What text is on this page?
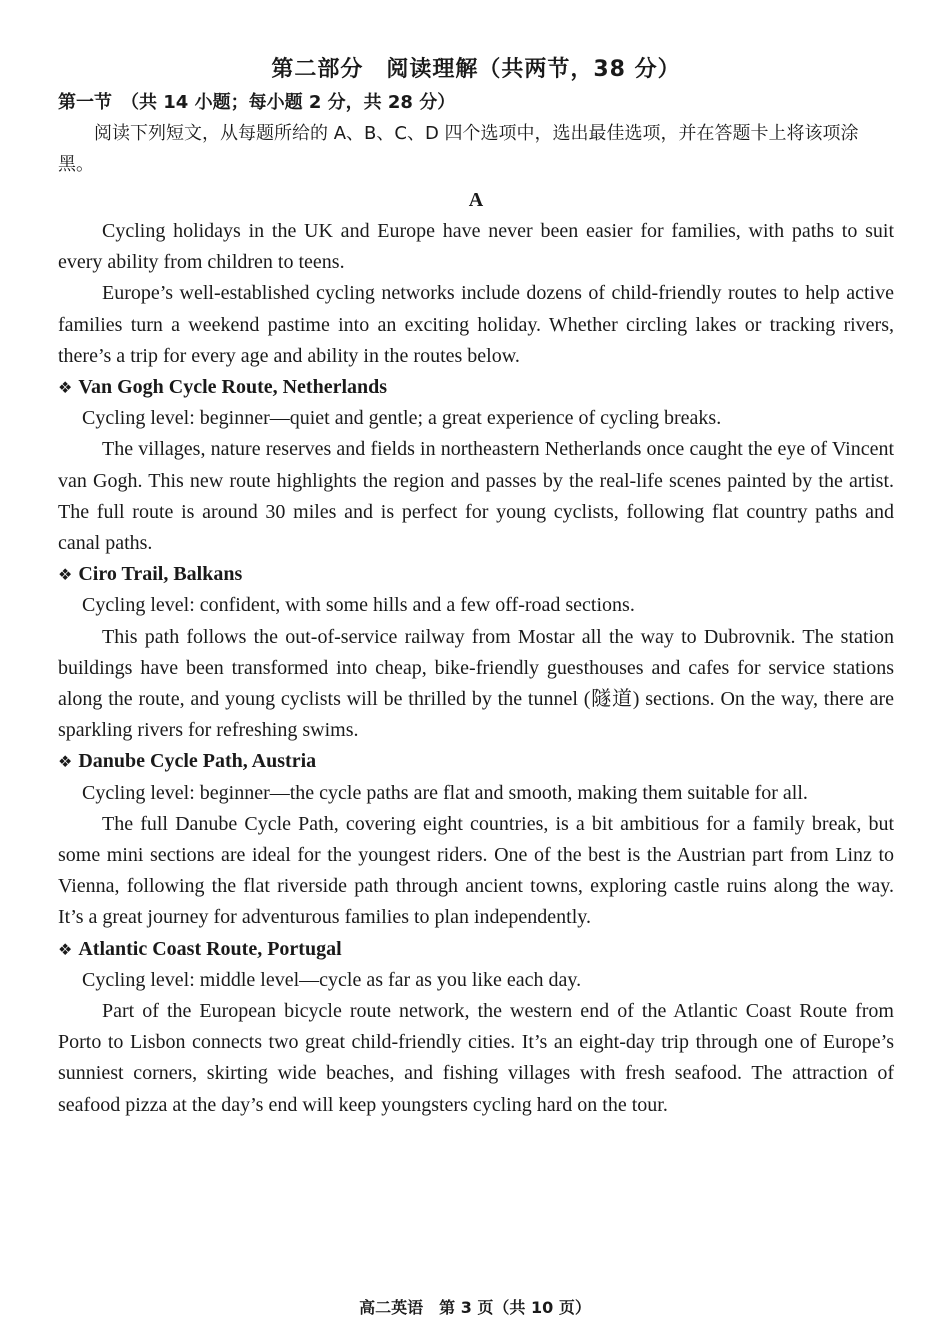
第二部分　阅读理解（共两节，38 分）
第一节　（共 14 小题；每小题 2 分，共 28 分）

阅读下列短文，从每题所给的 A、B、C、D 四个选项中，选出最佳选项，并在答题卡上将该项涂黑。

A

Cycling holidays in the UK and Europe have never been easier for families, with paths to suit every ability from children to teens.

Europe’s well-established cycling networks include dozens of child-friendly routes to help active families turn a weekend pastime into an exciting holiday. Whether circling lakes or tracking rivers, there’s a trip for every age and ability in the routes below.

❖ Van Gogh Cycle Route, Netherlands

Cycling level: beginner—quiet and gentle; a great experience of cycling breaks.

The villages, nature reserves and fields in northeastern Netherlands once caught the eye of Vincent van Gogh. This new route highlights the region and passes by the real-life scenes painted by the artist. The full route is around 30 miles and is perfect for young cyclists, following flat country paths and canal paths.

❖ Ciro Trail, Balkans

Cycling level: confident, with some hills and a few off-road sections.

This path follows the out-of-service railway from Mostar all the way to Dubrovnik. The station buildings have been transformed into cheap, bike-friendly guesthouses and cafes for service stations along the route, and young cyclists will be thrilled by the tunnel (隧道) sections. On the way, there are sparkling rivers for refreshing swims.

❖ Danube Cycle Path, Austria

Cycling level: beginner—the cycle paths are flat and smooth, making them suitable for all.

The full Danube Cycle Path, covering eight countries, is a bit ambitious for a family break, but some mini sections are ideal for the youngest riders. One of the best is the Austrian part from Linz to Vienna, following the flat riverside path through ancient towns, exploring castle ruins along the way. It’s a great journey for adventurous families to plan independently.

❖ Atlantic Coast Route, Portugal

Cycling level: middle level—cycle as far as you like each day.

Part of the European bicycle route network, the western end of the Atlantic Coast Route from Porto to Lisbon connects two great child-friendly cities. It’s an eight-day trip through one of Europe’s sunniest corners, skirting wide beaches, and fishing villages with fresh seafood. The attraction of seafood pizza at the day’s end will keep youngsters cycling hard on the tour.

高二英语　第 3 页（共 10 页）
